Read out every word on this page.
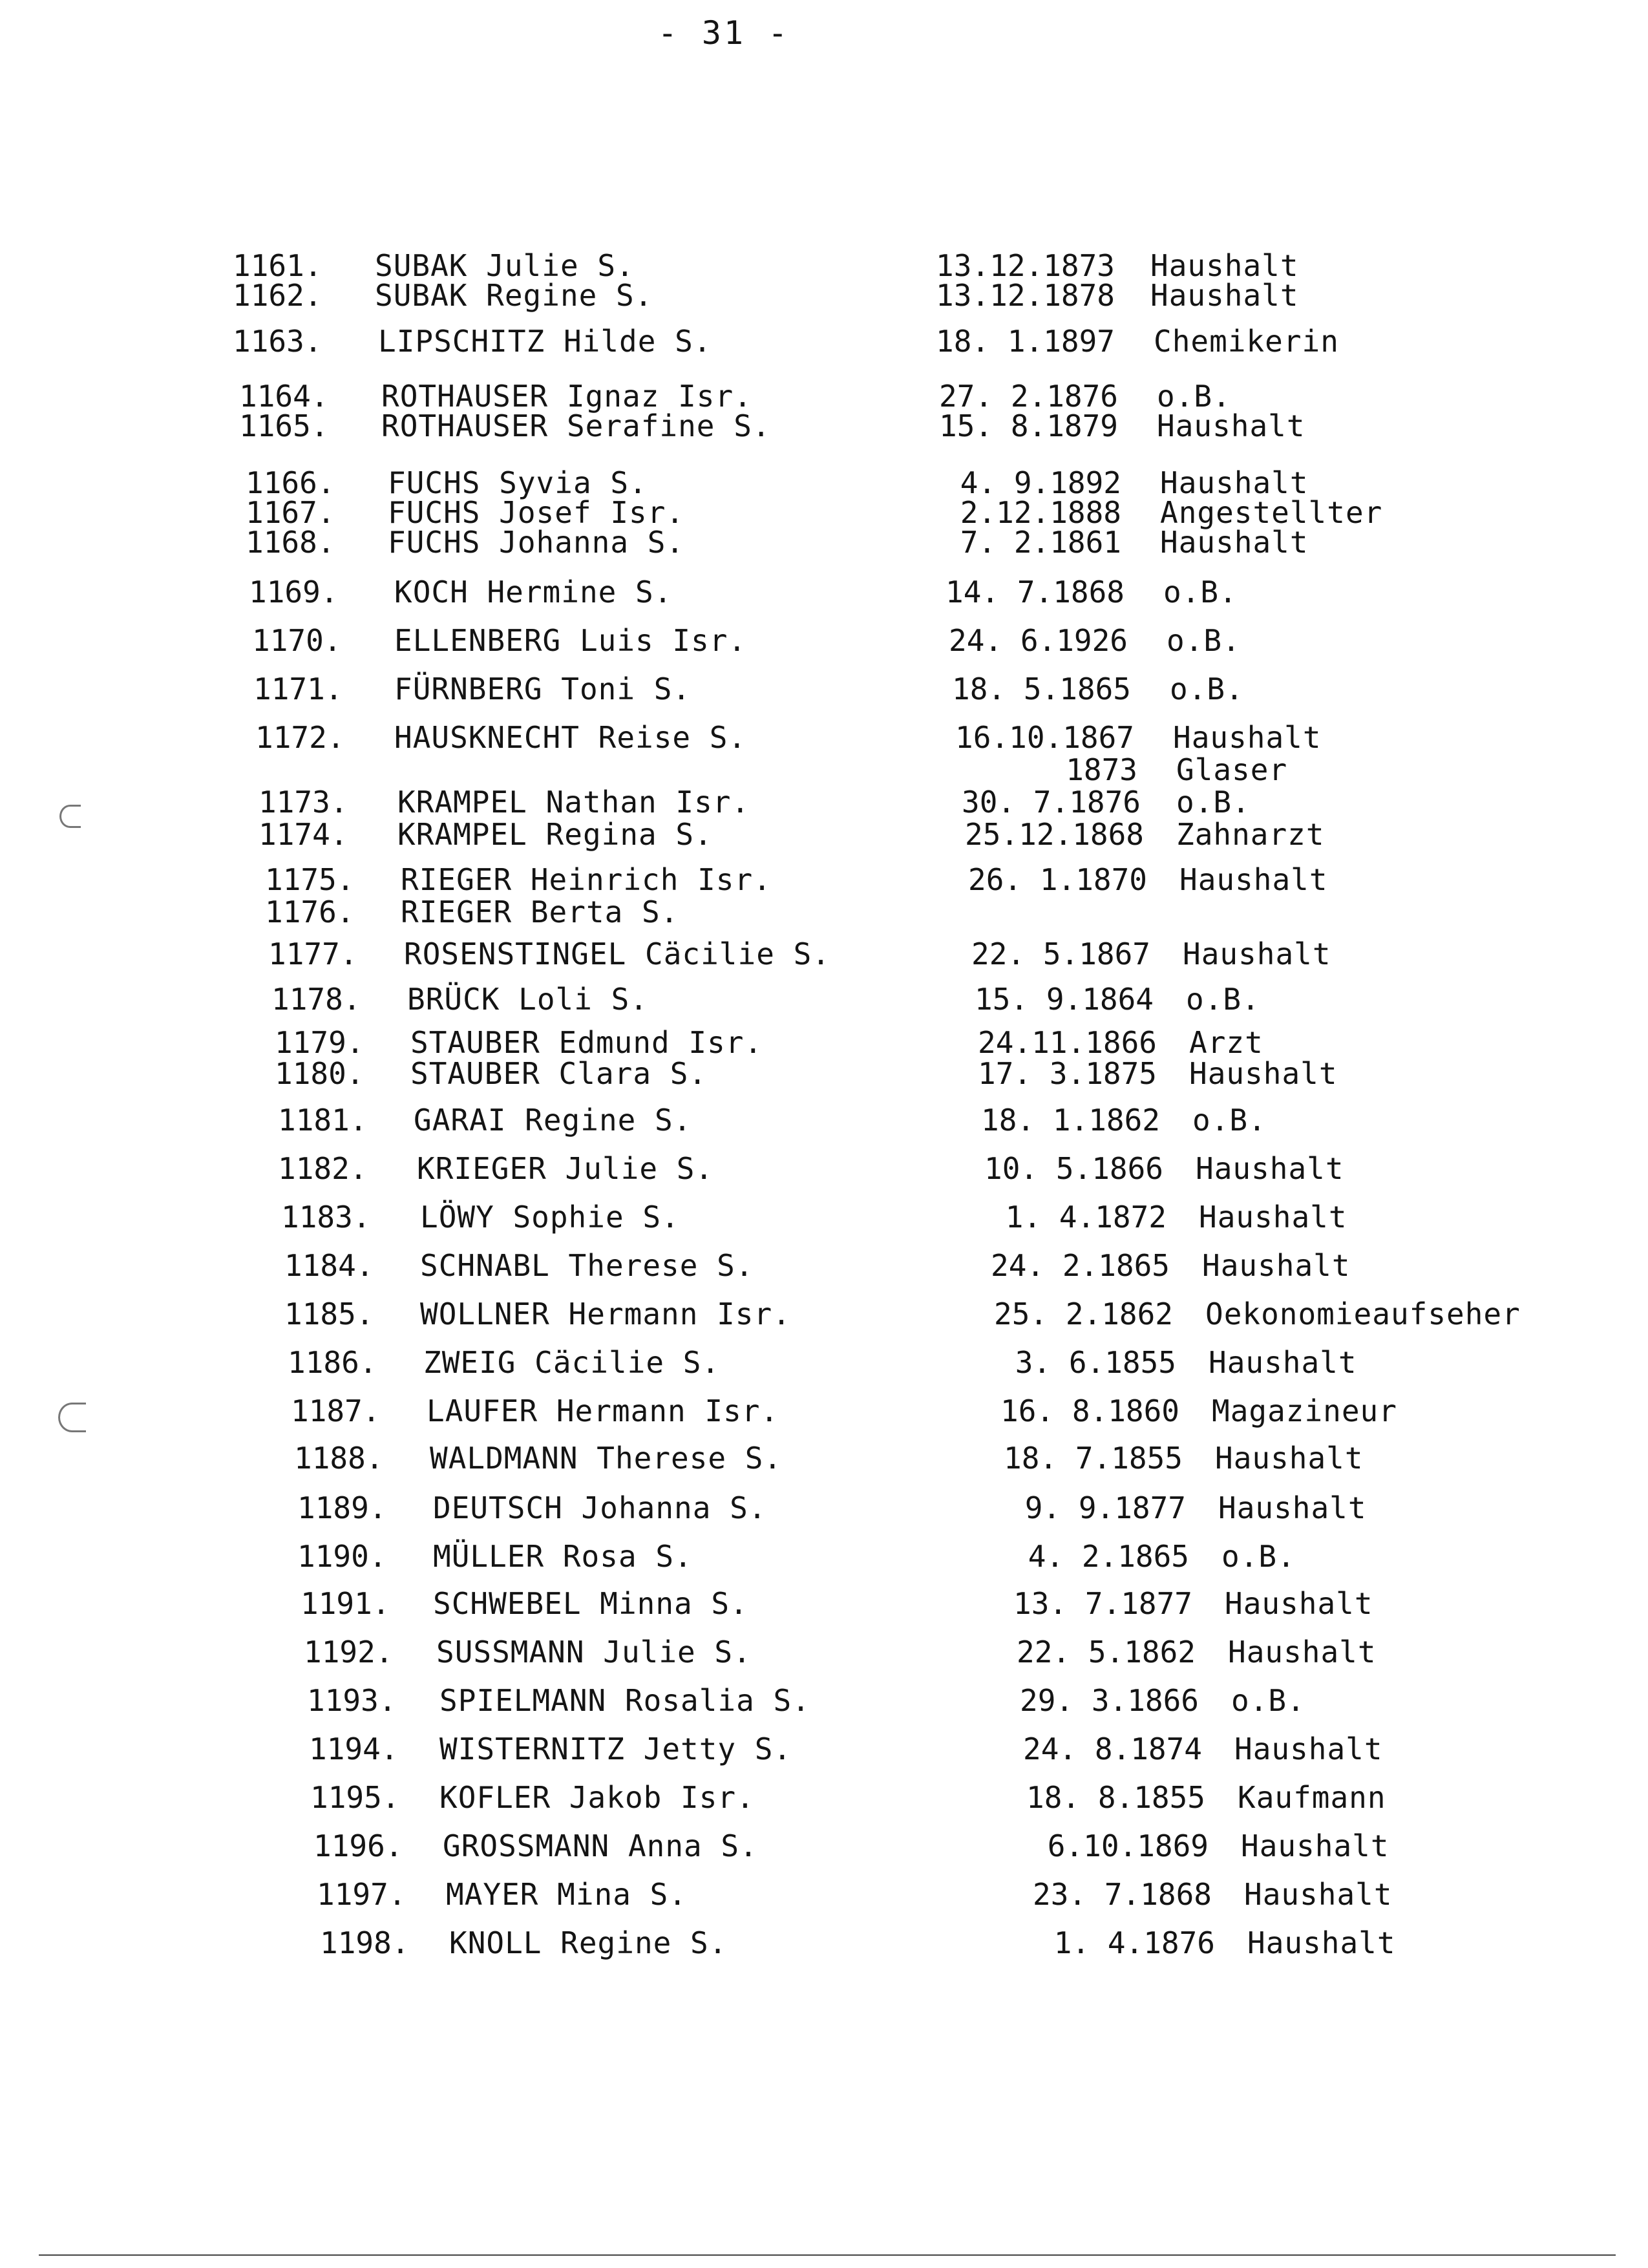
- 31 -
1161. SUBAK Julie S.	13.12.1873 Haushalt
1162. SUBAK Regine S.	13.12.1878 Haushalt
1163. LIPSCHITZ Hilde S.	18. 1.1897 Chemikerin
1164. ROTHAUSER Ignaz Isr.	27. 2.1876 o.B.
1165. ROTHAUSER Serafine S.	15. 8.1879 Haushalt
1166. FUCHS Syvia S.	4. 9.1892 Haushalt
1167. FUCHS Josef Isr.	2.12.1888 Angestellter
1168. FUCHS Johanna S.	7. 2.1861 Haushalt
1169. KOCH Hermine S.	14. 7.1868 o.B.
1170. ELLENBERG Luis Isr.	24. 6.1926 o.B.
1171. FÜRNBERG Toni S.	18. 5.1865 o.B.
1172. HAUSKNECHT Reise S.	16.10.1867 Haushalt
1873 Glaser
1173. KRAMPEL Nathan Isr.	30. 7.1876 o.B.
1174. KRAMPEL Regina S.	25.12.1868 Zahnarzt
1175. RIEGER Heinrich Isr.	26. 1.1870 Haushalt
1176. RIEGER Berta S.
1177. ROSENSTINGEL Cäcilie S.	22. 5.1867 Haushalt
1178. BRÜCK Loli S.	15. 9.1864 o.B.
1179. STAUBER Edmund Isr.	24.11.1866 Arzt
1180. STAUBER Clara S.	17. 3.1875 Haushalt
1181. GARAI Regine S.	18. 1.1862 o.B.
1182. KRIEGER Julie S.	10. 5.1866 Haushalt
1183. LÖWY Sophie S.	1. 4.1872 Haushalt
1184. SCHNABL Therese S.	24. 2.1865 Haushalt
1185. WOLLNER Hermann Isr.	25. 2.1862 Oekonomieaufseher
1186. ZWEIG Cäcilie S.	3. 6.1855 Haushalt
1187. LAUFER Hermann Isr.	16. 8.1860 Magazineur
1188. WALDMANN Therese S.	18. 7.1855 Haushalt
1189. DEUTSCH Johanna S.	9. 9.1877 Haushalt
1190. MÜLLER Rosa S.	4. 2.1865 o.B.
1191. SCHWEBEL Minna S.	13. 7.1877 Haushalt
1192. SUSSMANN Julie S.	22. 5.1862 Haushalt
1193. SPIELMANN Rosalia S.	29. 3.1866 o.B.
1194. WISTERNITZ Jetty S.	24. 8.1874 Haushalt
1195. KOFLER Jakob Isr.	18. 8.1855 Kaufmann
1196. GROSSMANN Anna S.	6.10.1869 Haushalt
1197. MAYER Mina S.	23. 7.1868 Haushalt
1198. KNOLL Regine S.	1. 4.1876 Haushalt
